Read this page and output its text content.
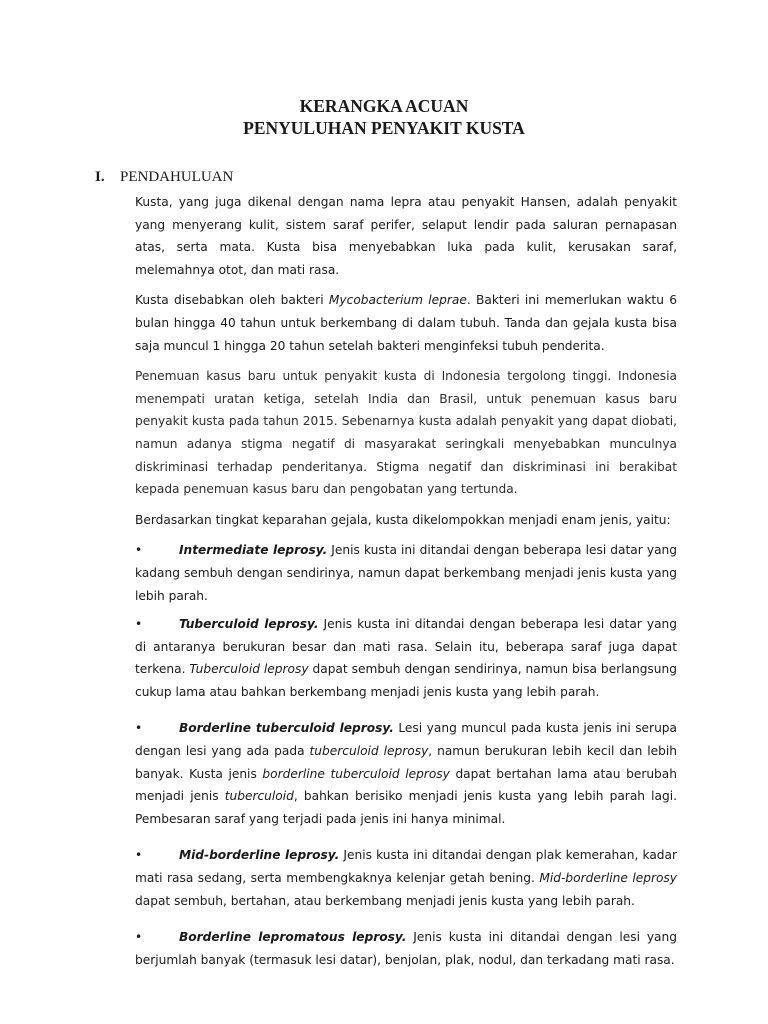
KERANGKA ACUAN
PENYULUHAN PENYAKIT KUSTA
I. PENDAHULUAN

Kusta, yang juga dikenal dengan nama lepra atau penyakit Hansen, adalah penyakit yang menyerang kulit, sistem saraf perifer, selaput lendir pada saluran pernapasan atas, serta mata. Kusta bisa menyebabkan luka pada kulit, kerusakan saraf, melemahnya otot, dan mati rasa.

Kusta disebabkan oleh bakteri Mycobacterium leprae. Bakteri ini memerlukan waktu 6 bulan hingga 40 tahun untuk berkembang di dalam tubuh. Tanda dan gejala kusta bisa saja muncul 1 hingga 20 tahun setelah bakteri menginfeksi tubuh penderita.

Penemuan kasus baru untuk penyakit kusta di Indonesia tergolong tinggi. Indonesia menempati uratan ketiga, setelah India dan Brasil, untuk penemuan kasus baru penyakit kusta pada tahun 2015. Sebenarnya kusta adalah penyakit yang dapat diobati, namun adanya stigma negatif di masyarakat seringkali menyebabkan munculnya diskriminasi terhadap penderitanya. Stigma negatif dan diskriminasi ini berakibat kepada penemuan kasus baru dan pengobatan yang tertunda.

Berdasarkan tingkat keparahan gejala, kusta dikelompokkan menjadi enam jenis, yaitu:

•	Intermediate leprosy. Jenis kusta ini ditandai dengan beberapa lesi datar yang kadang sembuh dengan sendirinya, namun dapat berkembang menjadi jenis kusta yang lebih parah.

•	Tuberculoid leprosy. Jenis kusta ini ditandai dengan beberapa lesi datar yang di antaranya berukuran besar dan mati rasa. Selain itu, beberapa saraf juga dapat terkena. Tuberculoid leprosy dapat sembuh dengan sendirinya, namun bisa berlangsung cukup lama atau bahkan berkembang menjadi jenis kusta yang lebih parah.

•	Borderline tuberculoid leprosy. Lesi yang muncul pada kusta jenis ini serupa dengan lesi yang ada pada tuberculoid leprosy, namun berukuran lebih kecil dan lebih banyak. Kusta jenis borderline tuberculoid leprosy dapat bertahan lama atau berubah menjadi jenis tuberculoid, bahkan berisiko menjadi jenis kusta yang lebih parah lagi. Pembesaran saraf yang terjadi pada jenis ini hanya minimal.

•	Mid-borderline leprosy. Jenis kusta ini ditandai dengan plak kemerahan, kadar mati rasa sedang, serta membengkaknya kelenjar getah bening. Mid-borderline leprosy dapat sembuh, bertahan, atau berkembang menjadi jenis kusta yang lebih parah.

•	Borderline lepromatous leprosy. Jenis kusta ini ditandai dengan lesi yang berjumlah banyak (termasuk lesi datar), benjolan, plak, nodul, dan terkadang mati rasa.
